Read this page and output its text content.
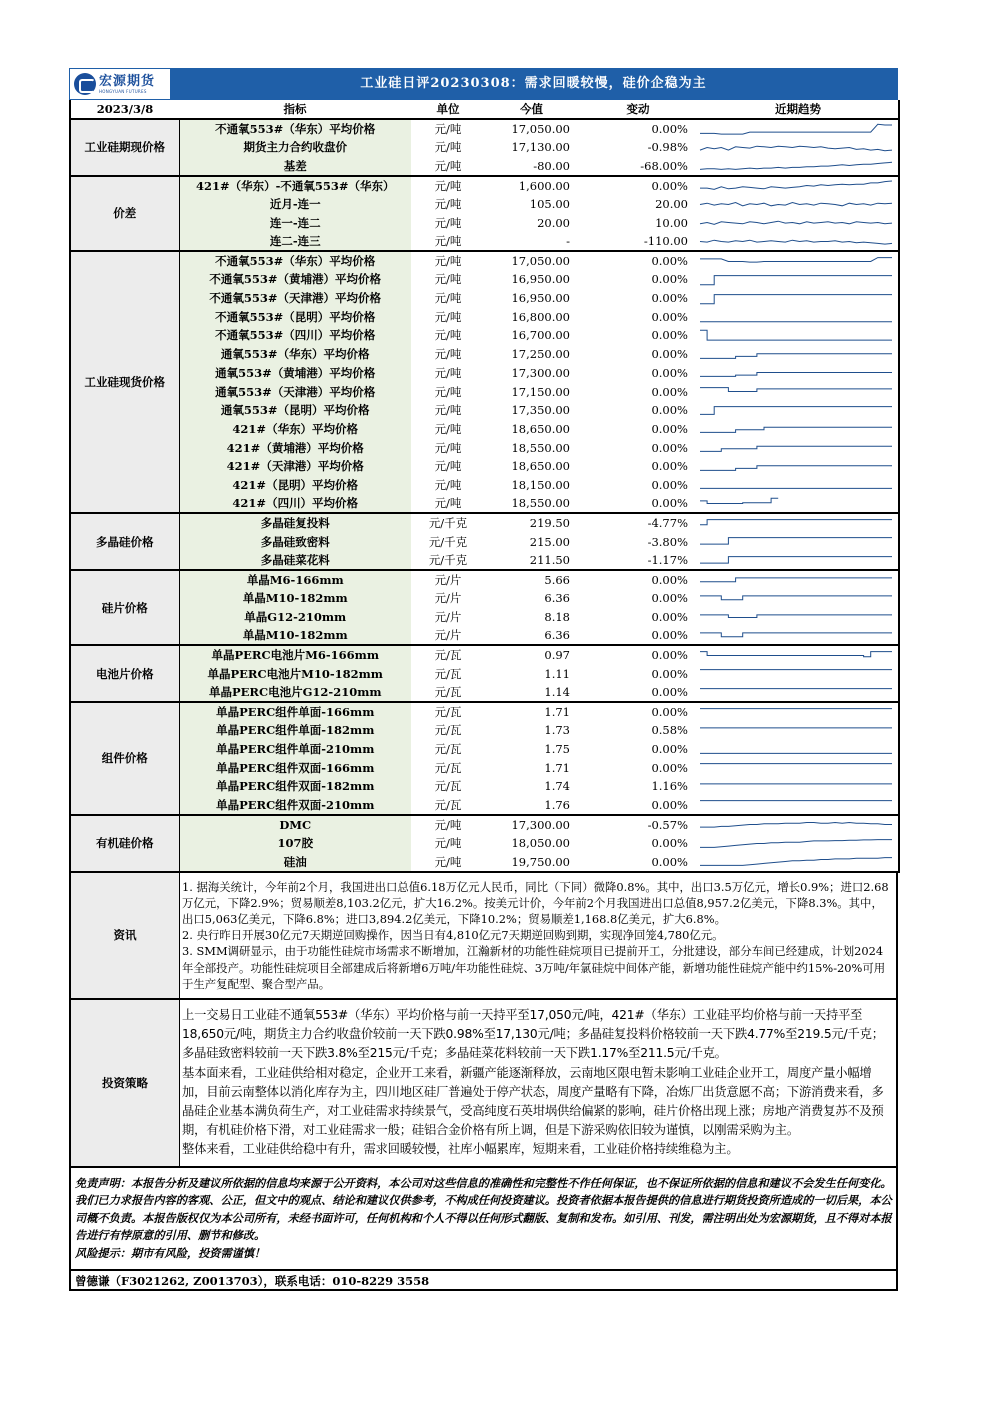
宏源期货
HONGYUAN FUTURES	工业硅日评20230308：需求回暖较慢，硅价企稳为主
2023/3/8	指标	单位	今值	变动	近期趋势
工业硅期现价格	不通氧553#（华东）平均价格	元/吨	17,050.00	0.00%	

	期货主力合约收盘价	元/吨	17,130.00	-0.98%	

	基差	元/吨	-80.00	-68.00%	

价差	421#（华东）-不通氧553#（华东）	元/吨	1,600.00	0.00%	

	近月-连一	元/吨	105.00	20.00	

	连一-连二	元/吨	20.00	10.00	

	连二-连三	元/吨	-	-110.00	

工业硅现货价格	不通氧553#（华东）平均价格	元/吨	17,050.00	0.00%	

	不通氧553#（黄埔港）平均价格	元/吨	16,950.00	0.00%	

	不通氧553#（天津港）平均价格	元/吨	16,950.00	0.00%	

	不通氧553#（昆明）平均价格	元/吨	16,800.00	0.00%	

	不通氧553#（四川）平均价格	元/吨	16,700.00	0.00%	

	通氧553#（华东）平均价格	元/吨	17,250.00	0.00%	

	通氧553#（黄埔港）平均价格	元/吨	17,300.00	0.00%	

	通氧553#（天津港）平均价格	元/吨	17,150.00	0.00%	

	通氧553#（昆明）平均价格	元/吨	17,350.00	0.00%	

	421#（华东）平均价格	元/吨	18,650.00	0.00%	

	421#（黄埔港）平均价格	元/吨	18,550.00	0.00%	

	421#（天津港）平均价格	元/吨	18,650.00	0.00%	

	421#（昆明）平均价格	元/吨	18,150.00	0.00%	

	421#（四川）平均价格	元/吨	18,550.00	0.00%	

多晶硅价格	多晶硅复投料	元/千克	219.50	-4.77%	

	多晶硅致密料	元/千克	215.00	-3.80%	

	多晶硅菜花料	元/千克	211.50	-1.17%	

硅片价格	单晶M6-166mm	元/片	5.66	0.00%	

	单晶M10-182mm	元/片	6.36	0.00%	

	单晶G12-210mm	元/片	8.18	0.00%	

	单晶M10-182mm	元/片	6.36	0.00%	

电池片价格	单晶PERC电池片M6-166mm	元/瓦	0.97	0.00%	

	单晶PERC电池片M10-182mm	元/瓦	1.11	0.00%	

	单晶PERC电池片G12-210mm	元/瓦	1.14	0.00%	

组件价格	单晶PERC组件单面-166mm	元/瓦	1.71	0.00%	

	单晶PERC组件单面-182mm	元/瓦	1.73	0.58%	

	单晶PERC组件单面-210mm	元/瓦	1.75	0.00%	

	单晶PERC组件双面-166mm	元/瓦	1.71	0.00%	

	单晶PERC组件双面-182mm	元/瓦	1.74	1.16%	

	单晶PERC组件双面-210mm	元/瓦	1.76	0.00%	

有机硅价格	DMC	元/吨	17,300.00	-0.57%	

	107胶	元/吨	18,050.00	0.00%	

	硅油	元/吨	19,750.00	0.00%	
资讯

1. 据海关统计，今年前2个月，我国进出口总值6.18万亿元人民币，同比（下同）微降0.8%。其中，出口3.5万亿元，增长0.9%；进口2.68万亿元，下降2.9%；贸易顺差8,103.2亿元，扩大16.2%。按美元计价，今年前2个月我国进出口总值8,957.2亿美元，下降8.3%。其中，出口5,063亿美元，下降6.8%；进口3,894.2亿美元，下降10.2%；贸易顺差1,168.8亿美元，扩大6.8%。

2. 央行昨日开展30亿元7天期逆回购操作，因当日有4,810亿元7天期逆回购到期，实现净回笼4,780亿元。

3. SMM调研显示，由于功能性硅烷市场需求不断增加，江瀚新材的功能性硅烷项目已提前开工，分批建设，部分车间已经建成，计划2024年全部投产。功能性硅烷项目全部建成后将新增6万吨/年功能性硅烷、3万吨/年氯硅烷中间体产能，新增功能性硅烷产能中约15%-20%可用于生产复配型、聚合型产品。

投资策略

上一交易日工业硅不通氧553#（华东）平均价格与前一天持平至17,050元/吨，421#（华东）工业硅平均价格与前一天持平至18,650元/吨，期货主力合约收盘价较前一天下跌0.98%至17,130元/吨；多晶硅复投料价格较前一天下跌4.77%至219.5元/千克；多晶硅致密料较前一天下跌3.8%至215元/千克；多晶硅菜花料较前一天下跌1.17%至211.5元/千克。

基本面来看，工业硅供给相对稳定，企业开工来看，新疆产能逐渐释放，云南地区限电暂未影响工业硅企业开工，周度产量小幅增加，目前云南整体以消化库存为主，四川地区硅厂普遍处于停产状态，周度产量略有下降，冶炼厂出货意愿不高；下游消费来看，多晶硅企业基本满负荷生产，对工业硅需求持续景气，受高纯度石英坩埚供给偏紧的影响，硅片价格出现上涨；房地产消费复苏不及预期，有机硅价格下滑，对工业硅需求一般；硅铝合金价格有所上调，但是下游采购依旧较为谨慎，以刚需采购为主。

整体来看，工业硅供给稳中有升，需求回暖较慢，社库小幅累库，短期来看，工业硅价格持续维稳为主。

免责声明：本报告分析及建议所依据的信息均来源于公开资料，本公司对这些信息的准确性和完整性不作任何保证，也不保证所依据的信息和建议不会发生任何变化。我们已力求报告内容的客观、公正，但文中的观点、结论和建议仅供参考，不构成任何投资建议。投资者依据本报告提供的信息进行期货投资所造成的一切后果，本公司概不负责。本报告版权仅为本公司所有，未经书面许可，任何机构和个人不得以任何形式翻版、复制和发布。如引用、刊发，需注明出处为宏源期货，且不得对本报告进行有悖原意的引用、删节和修改。
风险提示：期市有风险，投资需谨慎！
曾德谦（F3021262, Z0013703），联系电话：010-8229 3558
